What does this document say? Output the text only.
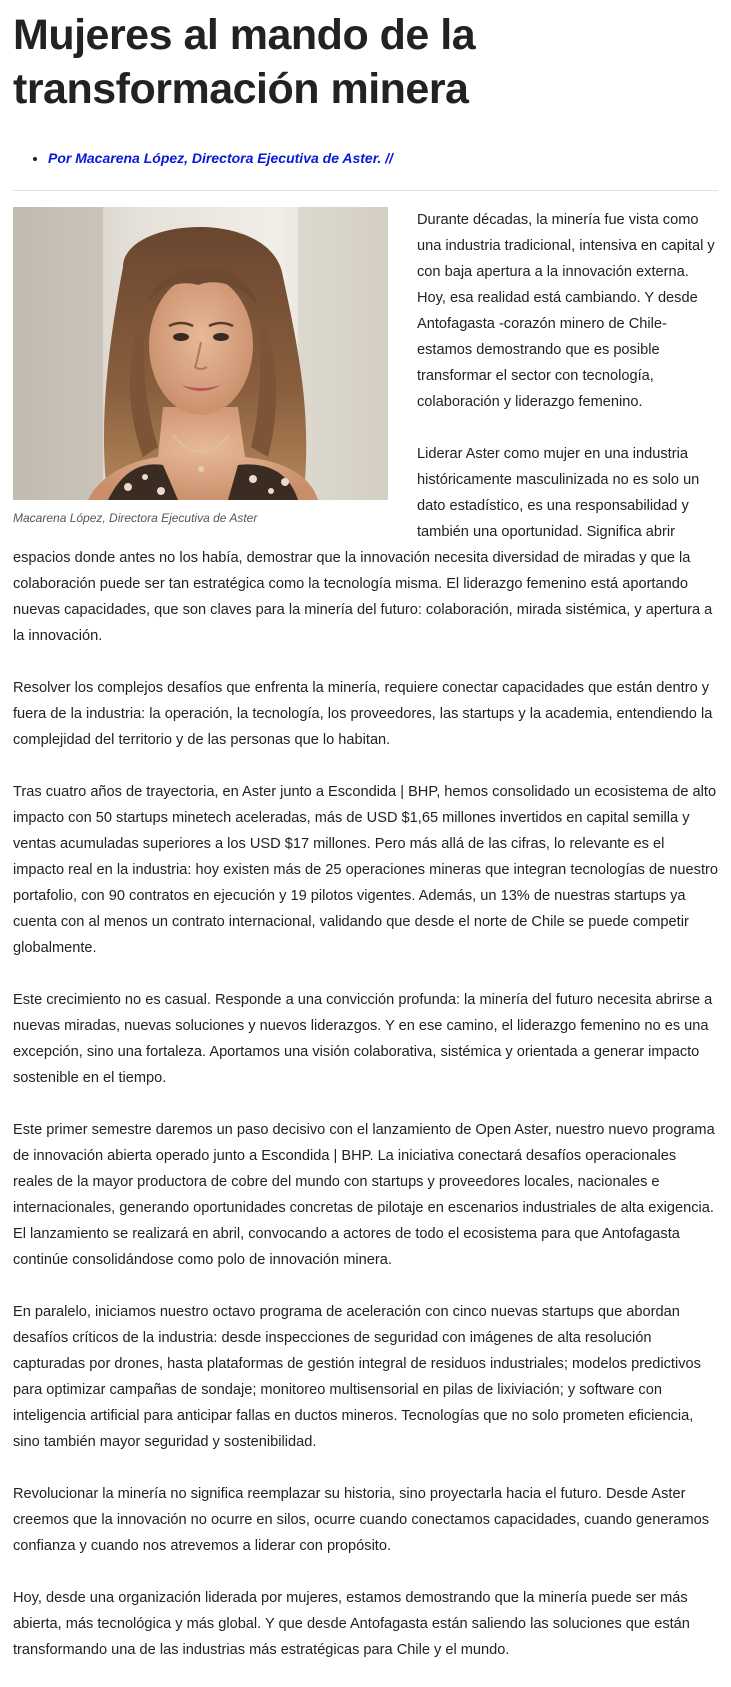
Mujeres al mando de la transformación minera
• Por Macarena López, Directora Ejecutiva de Aster. //
Macarena López, Directora Ejecutiva de Aster

Durante décadas, la minería fue vista como una industria tradicional, intensiva en capital y con baja apertura a la innovación externa. Hoy, esa realidad está cambiando. Y desde Antofagasta -corazón minero de Chile- estamos demostrando que es posible transformar el sector con tecnología, colaboración y liderazgo femenino.

Liderar Aster como mujer en una industria históricamente masculinizada no es solo un dato estadístico, es una responsabilidad y también una oportunidad. Significa abrir espacios donde antes no los había, demostrar que la innovación necesita diversidad de miradas y que la colaboración puede ser tan estratégica como la tecnología misma. El liderazgo femenino está aportando nuevas capacidades, que son claves para la minería del futuro: colaboración, mirada sistémica, y apertura a la innovación.

Resolver los complejos desafíos que enfrenta la minería, requiere conectar capacidades que están dentro y fuera de la industria: la operación, la tecnología, los proveedores, las startups y la academia, entendiendo la complejidad del territorio y de las personas que lo habitan.

Tras cuatro años de trayectoria, en Aster junto a Escondida | BHP, hemos consolidado un ecosistema de alto impacto con 50 startups minetech aceleradas, más de USD $1,65 millones invertidos en capital semilla y ventas acumuladas superiores a los USD $17 millones. Pero más allá de las cifras, lo relevante es el impacto real en la industria: hoy existen más de 25 operaciones mineras que integran tecnologías de nuestro portafolio, con 90 contratos en ejecución y 19 pilotos vigentes. Además, un 13% de nuestras startups ya cuenta con al menos un contrato internacional, validando que desde el norte de Chile se puede competir globalmente.

Este crecimiento no es casual. Responde a una convicción profunda: la minería del futuro necesita abrirse a nuevas miradas, nuevas soluciones y nuevos liderazgos. Y en ese camino, el liderazgo femenino no es una excepción, sino una fortaleza. Aportamos una visión colaborativa, sistémica y orientada a generar impacto sostenible en el tiempo.

Este primer semestre daremos un paso decisivo con el lanzamiento de Open Aster, nuestro nuevo programa de innovación abierta operado junto a Escondida | BHP. La iniciativa conectará desafíos operacionales reales de la mayor productora de cobre del mundo con startups y proveedores locales, nacionales e internacionales, generando oportunidades concretas de pilotaje en escenarios industriales de alta exigencia. El lanzamiento se realizará en abril, convocando a actores de todo el ecosistema para que Antofagasta continúe consolidándose como polo de innovación minera.

En paralelo, iniciamos nuestro octavo programa de aceleración con cinco nuevas startups que abordan desafíos críticos de la industria: desde inspecciones de seguridad con imágenes de alta resolución capturadas por drones, hasta plataformas de gestión integral de residuos industriales; modelos predictivos para optimizar campañas de sondaje; monitoreo multisensorial en pilas de lixiviación; y software con inteligencia artificial para anticipar fallas en ductos mineros. Tecnologías que no solo prometen eficiencia, sino también mayor seguridad y sostenibilidad.

Revolucionar la minería no significa reemplazar su historia, sino proyectarla hacia el futuro. Desde Aster creemos que la innovación no ocurre en silos, ocurre cuando conectamos capacidades, cuando generamos confianza y cuando nos atrevemos a liderar con propósito.

Hoy, desde una organización liderada por mujeres, estamos demostrando que la minería puede ser más abierta, más tecnológica y más global. Y que desde Antofagasta están saliendo las soluciones que están transformando una de las industrias más estratégicas para Chile y el mundo.
